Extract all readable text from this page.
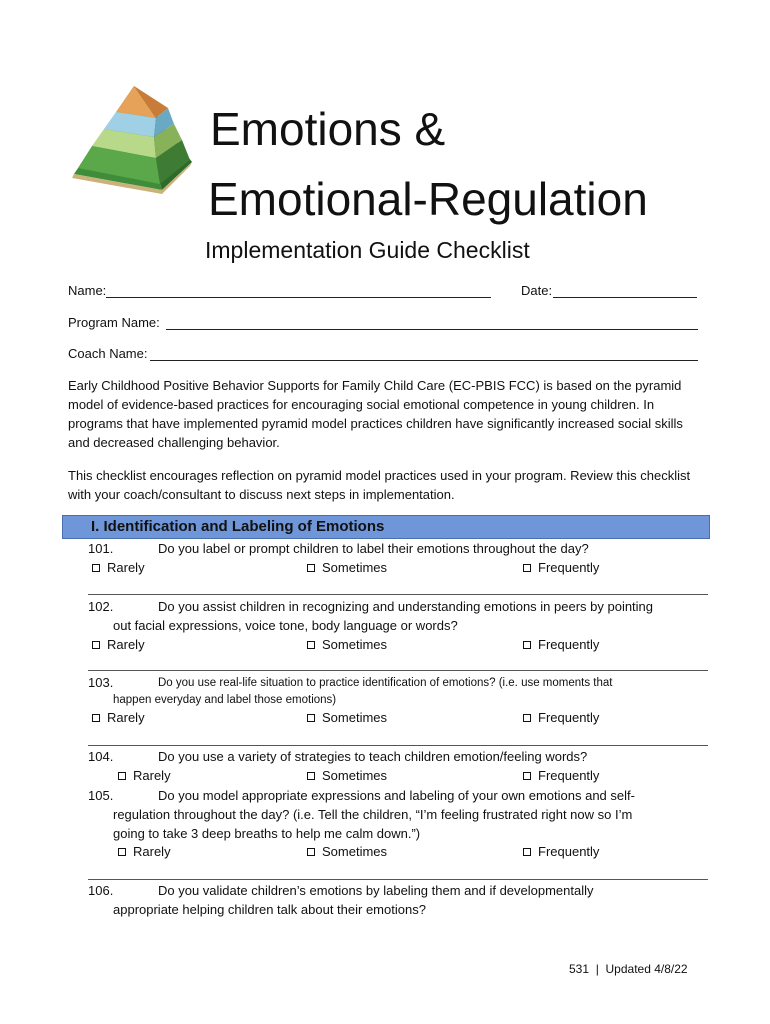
Emotions &
Emotional-Regulation
Implementation Guide Checklist
Name:	Date:
Program Name:
Coach Name:
Early Childhood Positive Behavior Supports for Family Child Care (EC-PBIS FCC) is based on the pyramid model of evidence-based practices for encouraging social emotional competence in young children. In programs that have implemented pyramid model practices children have significantly increased social skills and decreased challenging behavior.
This checklist encourages reflection on pyramid model practices used in your program. Review this checklist with your coach/consultant to discuss next steps in implementation.
I. Identification and Labeling of Emotions
101.	Do you label or prompt children to label their emotions throughout the day?
Rarely	Sometimes	Frequently
102.	Do you assist children in recognizing and understanding emotions in peers by pointing
out facial expressions, voice tone, body language or words?
Rarely	Sometimes	Frequently
103.	Do you use real-life situation to practice identification of emotions? (i.e. use moments that
happen everyday and label those emotions)
Rarely	Sometimes	Frequently
104.	Do you use a variety of strategies to teach children emotion/feeling words?
Rarely	Sometimes	Frequently
105.	Do you model appropriate expressions and labeling of your own emotions and self-
regulation throughout the day? (i.e. Tell the children, “I’m feeling frustrated right now so I’m
going to take 3 deep breaths to help me calm down.”)
Rarely	Sometimes	Frequently
106.	Do you validate children’s emotions by labeling them and if developmentally
appropriate helping children talk about their emotions?
531 | Updated 4/8/22
